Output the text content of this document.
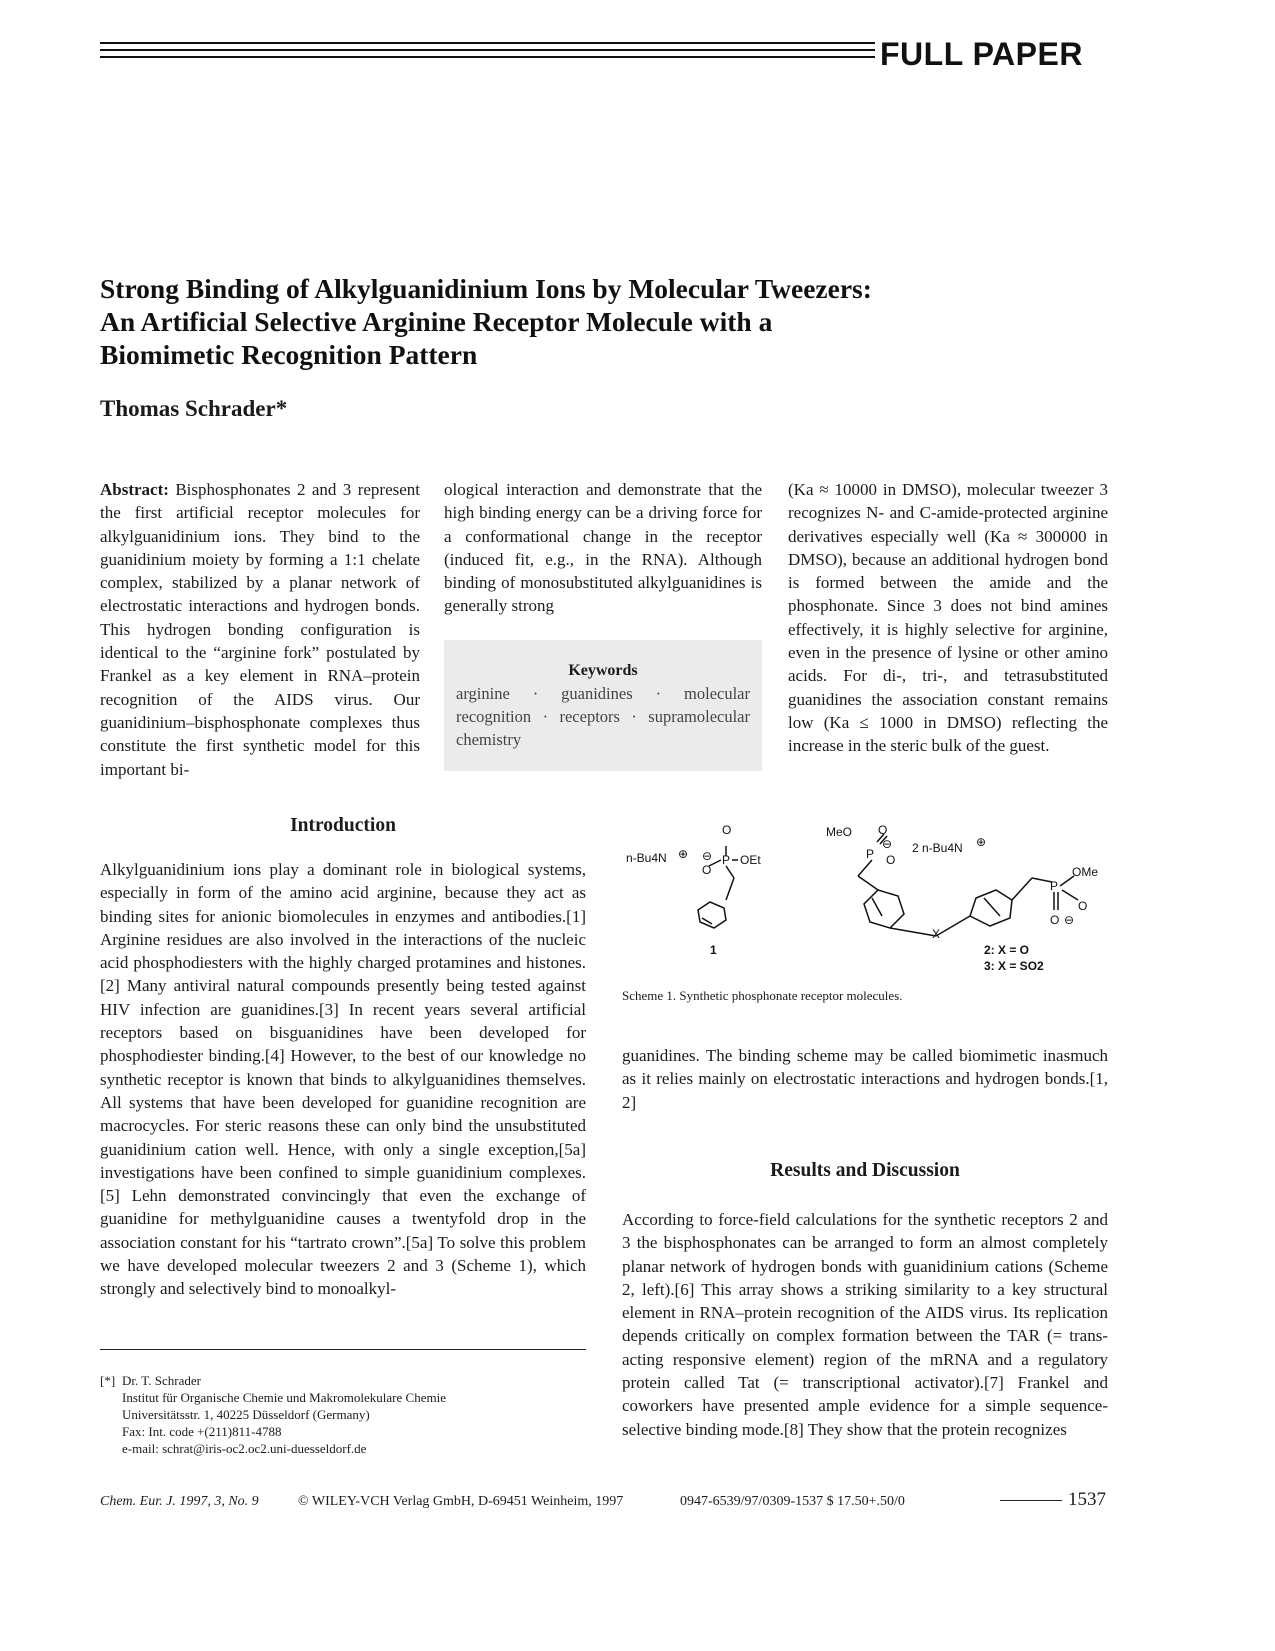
FULL PAPER
Strong Binding of Alkylguanidinium Ions by Molecular Tweezers:
An Artificial Selective Arginine Receptor Molecule with a
Biomimetic Recognition Pattern
Thomas Schrader*

Abstract: Bisphosphonates 2 and 3 represent the first artificial receptor molecules for alkylguanidinium ions. They bind to the guanidinium moiety by forming a 1:1 chelate complex, stabilized by a planar network of electrostatic interactions and hydrogen bonds. This hydrogen bonding configuration is identical to the “arginine fork” postulated by Frankel as a key element in RNA–protein recognition of the AIDS virus. Our guanidinium–bisphosphonate complexes thus constitute the first synthetic model for this important bi-

ological interaction and demonstrate that the high binding energy can be a driving force for a conformational change in the receptor (induced fit, e.g., in the RNA). Although binding of monosubstituted alkylguanidines is generally strong

Keywords
arginine · guanidines · molecular recognition · receptors · supramolecular chemistry

(Ka ≈ 10000 in DMSO), molecular tweezer 3 recognizes N- and C-amide-protected arginine derivatives especially well (Ka ≈ 300000 in DMSO), because an additional hydrogen bond is formed between the amide and the phosphonate. Since 3 does not bind amines effectively, it is highly selective for arginine, even in the presence of lysine or other amino acids. For di-, tri-, and tetrasubstituted guanidines the association constant remains low (Ka ≤ 1000 in DMSO) reflecting the increase in the steric bulk of the guest.

Introduction

Alkylguanidinium ions play a dominant role in biological systems, especially in form of the amino acid arginine, because they act as binding sites for anionic biomolecules in enzymes and antibodies.[1] Arginine residues are also involved in the interactions of the nucleic acid phosphodiesters with the highly charged protamines and histones.[2] Many antiviral natural compounds presently being tested against HIV infection are guanidines.[3] In recent years several artificial receptors based on bisguanidines have been developed for phosphodiester binding.[4] However, to the best of our knowledge no synthetic receptor is known that binds to alkylguanidines themselves. All systems that have been developed for guanidine recognition are macrocycles. For steric reasons these can only bind the unsubstituted guanidinium cation well. Hence, with only a single exception,[5a] investigations have been confined to simple guanidinium complexes.[5] Lehn demonstrated convincingly that even the exchange of guanidine for methylguanidine causes a twentyfold drop in the association constant for his “tartrato crown”.[5a] To solve this problem we have developed molecular tweezers 2 and 3 (Scheme 1), which strongly and selectively bind to monoalkyl-

n-Bu4N ⊕ ⊖
O
P
O
OEt
1
MeO O
P O
⊖ 2 n-Bu4N ⊕
X
P
OMe
O
O ⊖
2: X = O
3: X = SO2
Scheme 1. Synthetic phosphonate receptor molecules.

guanidines. The binding scheme may be called biomimetic inasmuch as it relies mainly on electrostatic interactions and hydrogen bonds.[1, 2]

Results and Discussion

According to force-field calculations for the synthetic receptors 2 and 3 the bisphosphonates can be arranged to form an almost completely planar network of hydrogen bonds with guanidinium cations (Scheme 2, left).[6] This array shows a striking similarity to a key structural element in RNA–protein recognition of the AIDS virus. Its replication depends critically on complex formation between the TAR (= trans-acting responsive element) region of the mRNA and a regulatory protein called Tat (= transcriptional activator).[7] Frankel and coworkers have presented ample evidence for a simple sequence-selective binding mode.[8] They show that the protein recognizes

[*] Dr. T. Schrader
Institut für Organische Chemie und Makromolekulare Chemie
Universitätsstr. 1, 40225 Düsseldorf (Germany)
Fax: Int. code +(211)811-4788
e-mail: schrat@iris-oc2.oc2.uni-duesseldorf.de
Chem. Eur. J. 1997, 3, No. 9	© WILEY-VCH Verlag GmbH, D-69451 Weinheim, 1997	0947-6539/97/0309-1537 $ 17.50+.50/0	1537
